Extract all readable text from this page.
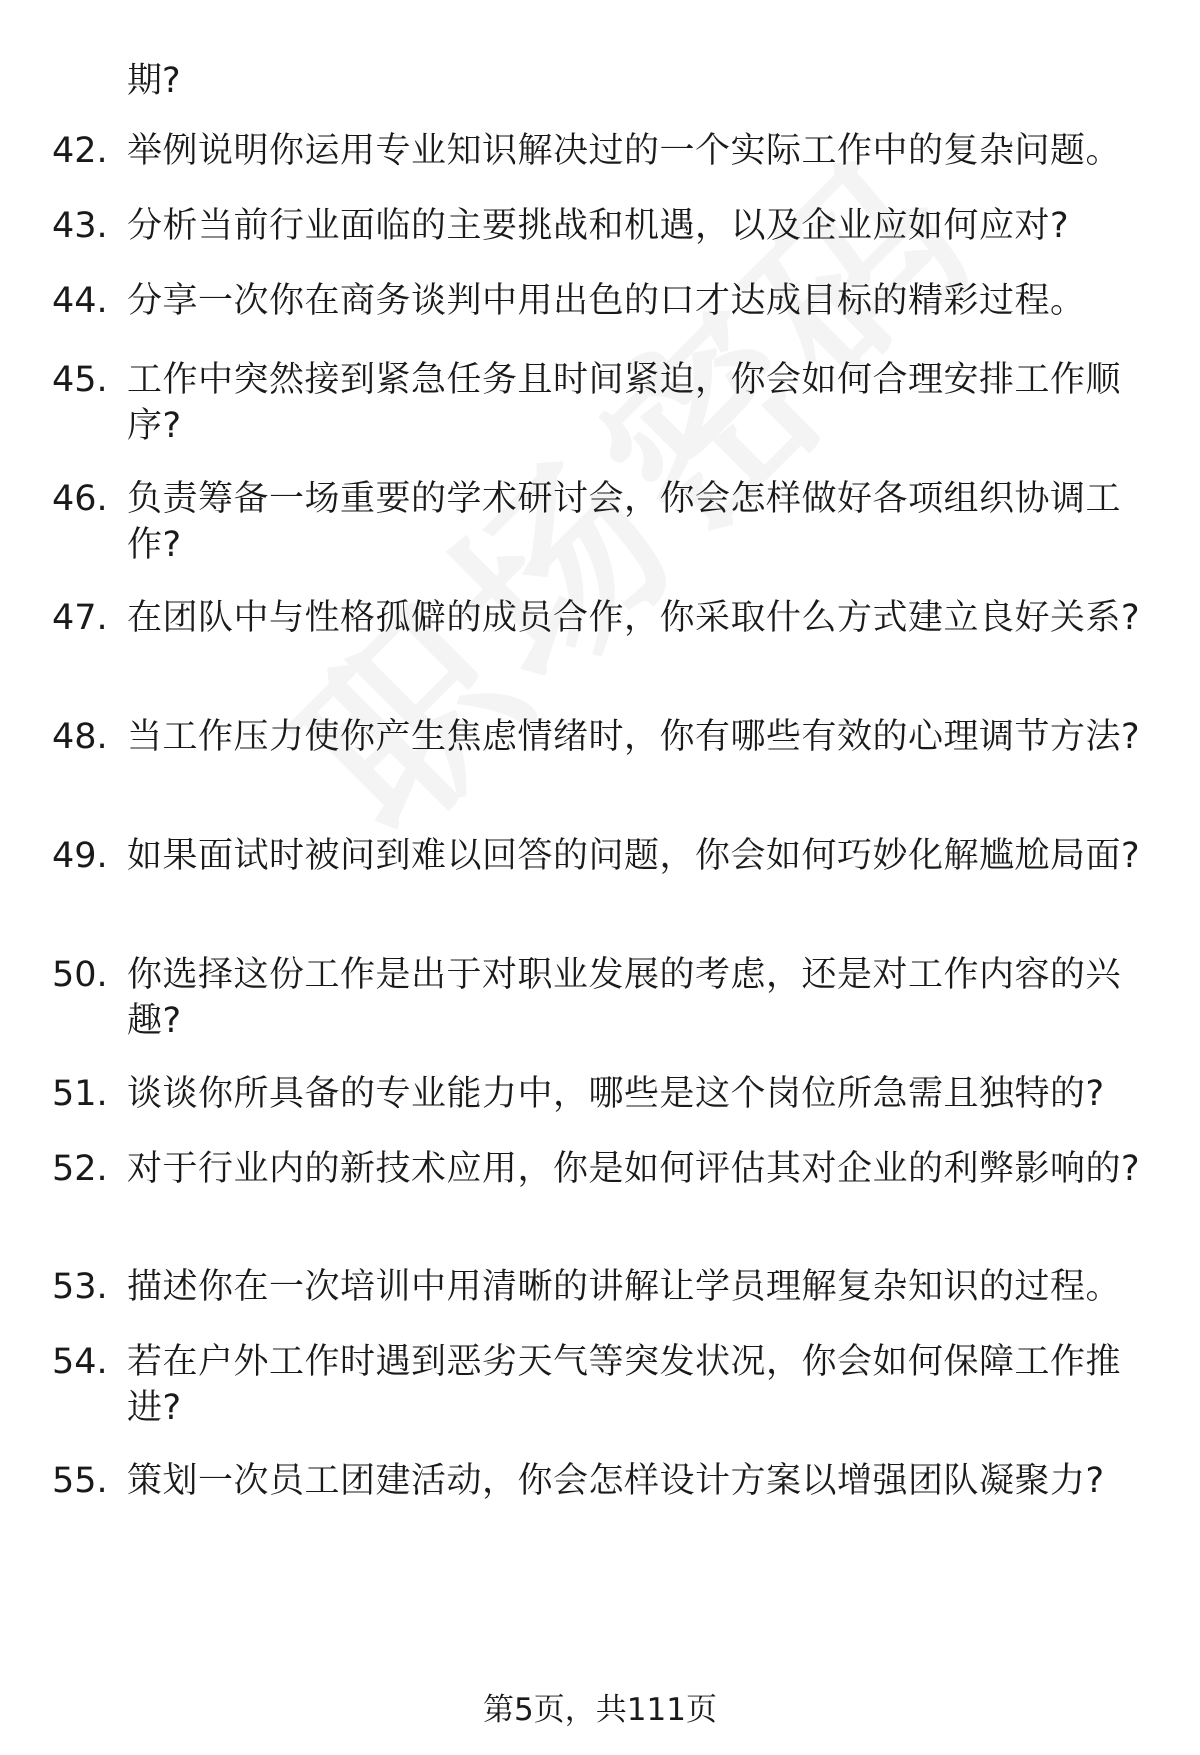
期?
42. 举例说明你运用专业知识解决过的一个实际工作中的复杂问题。
43. 分析当前行业面临的主要挑战和机遇，以及企业应如何应对?
44. 分享一次你在商务谈判中用出色的口才达成目标的精彩过程。
45. 工作中突然接到紧急任务且时间紧迫，你会如何合理安排工作顺序?
46. 负责筹备一场重要的学术研讨会，你会怎样做好各项组织协调工作?
47. 在团队中与性格孤僻的成员合作，你采取什么方式建立良好关系?
48. 当工作压力使你产生焦虑情绪时，你有哪些有效的心理调节方法?
49. 如果面试时被问到难以回答的问题，你会如何巧妙化解尴尬局面?
50. 你选择这份工作是出于对职业发展的考虑，还是对工作内容的兴趣?
51. 谈谈你所具备的专业能力中，哪些是这个岗位所急需且独特的?
52. 对于行业内的新技术应用，你是如何评估其对企业的利弊影响的?
53. 描述你在一次培训中用清晰的讲解让学员理解复杂知识的过程。
54. 若在户外工作时遇到恶劣天气等突发状况，你会如何保障工作推进?
55. 策划一次员工团建活动，你会怎样设计方案以增强团队凝聚力?
第5页，共111页
